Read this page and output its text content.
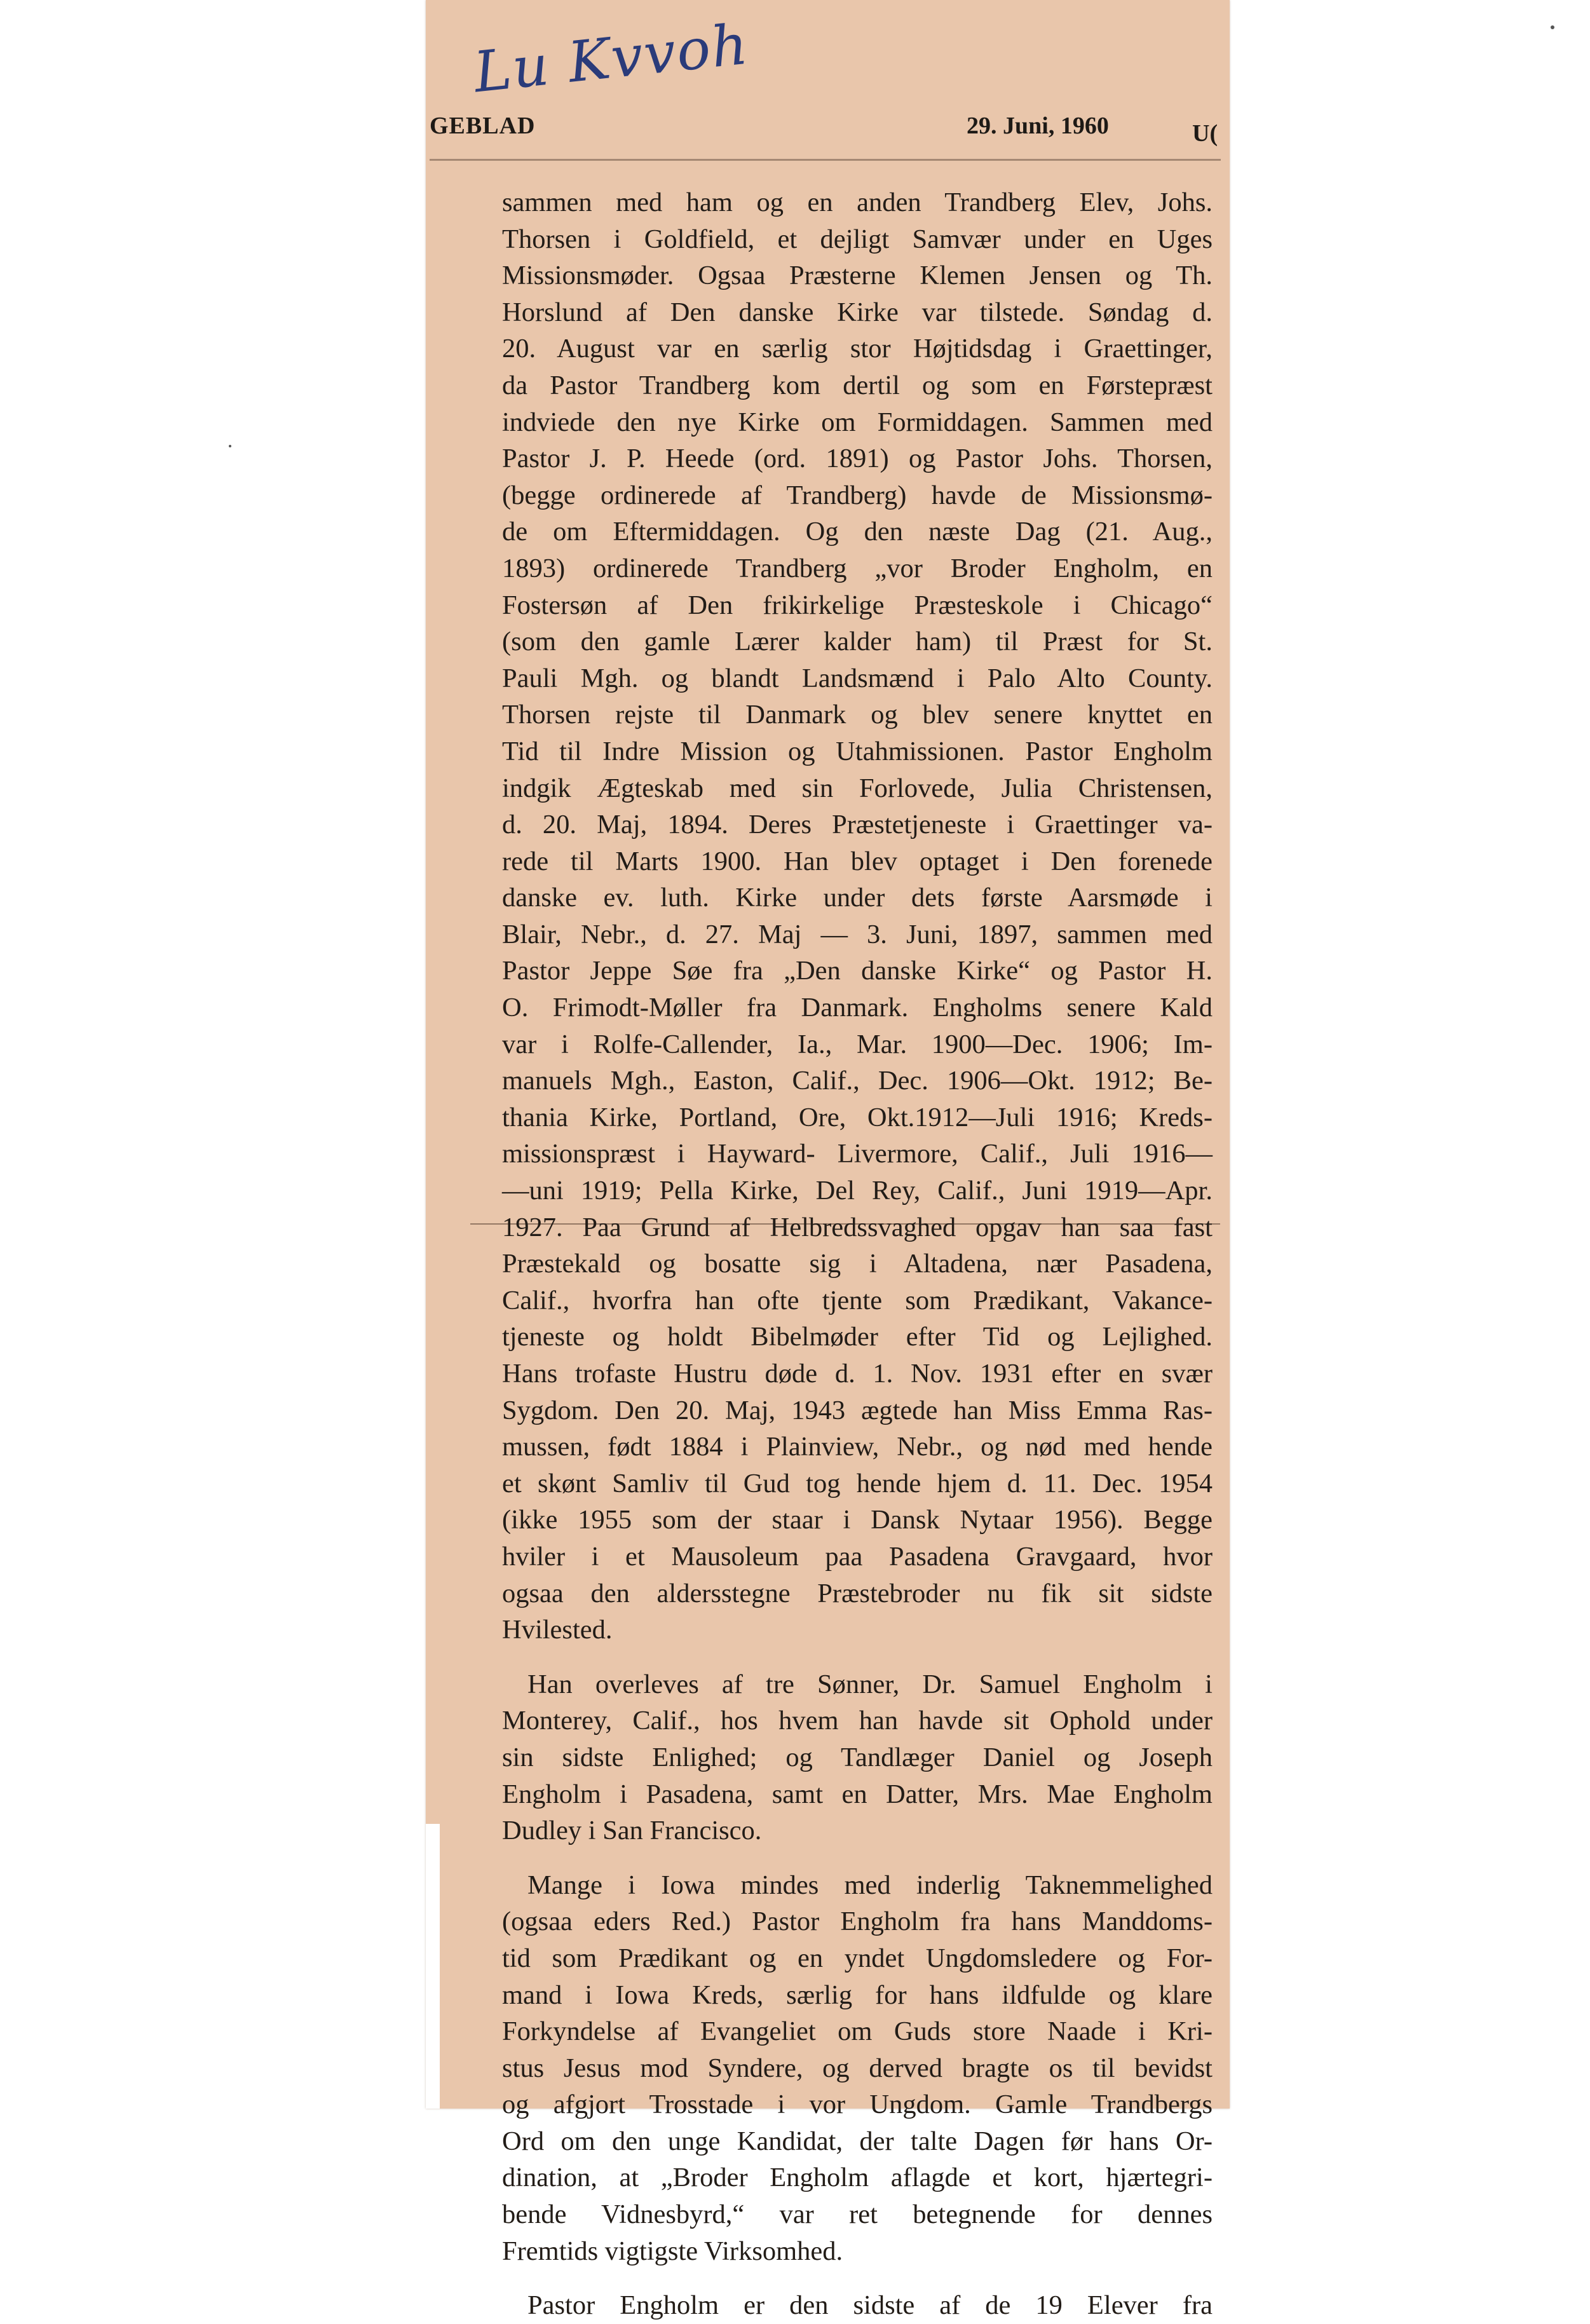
Lu Kvvoh
GEBLAD	29. Juni, 1960	U(
sammen med ham og en anden Trandberg Elev, Johs.
Thorsen i Goldfield, et dejligt Samvær under en Uges
Missionsmøder. Ogsaa Præsterne Klemen Jensen og Th.
Horslund af Den danske Kirke var tilstede. Søndag d.
20. August var en særlig stor Højtidsdag i Graettinger,
da Pastor Trandberg kom dertil og som en Førstepræst
indviede den nye Kirke om Formiddagen. Sammen med
Pastor J. P. Heede (ord. 1891) og Pastor Johs. Thorsen,
(begge ordinerede af Trandberg) havde de Missionsmø-
de om Eftermiddagen. Og den næste Dag (21. Aug.,
1893) ordinerede Trandberg „vor Broder Engholm, en
Fostersøn af Den frikirkelige Præsteskole i Chicago“
(som den gamle Lærer kalder ham) til Præst for St.
Pauli Mgh. og blandt Landsmænd i Palo Alto County.
Thorsen rejste til Danmark og blev senere knyttet en
Tid til Indre Mission og Utahmissionen. Pastor Engholm
indgik Ægteskab med sin Forlovede, Julia Christensen,
d. 20. Maj, 1894. Deres Præstetjeneste i Graettinger va-
rede til Marts 1900. Han blev optaget i Den forenede
danske ev. luth. Kirke under dets første Aarsmøde i
Blair, Nebr., d. 27. Maj — 3. Juni, 1897, sammen med
Pastor Jeppe Søe fra „Den danske Kirke“ og Pastor H.
O. Frimodt-Møller fra Danmark. Engholms senere Kald
var i Rolfe-Callender, Ia., Mar. 1900—Dec. 1906; Im-
manuels Mgh., Easton, Calif., Dec. 1906—Okt. 1912; Be-
thania Kirke, Portland, Ore, Okt.1912—Juli 1916; Kreds-
missionspræst i Hayward- Livermore, Calif., Juli 1916—
—uni 1919; Pella Kirke, Del Rey, Calif., Juni 1919—Apr.
1927. Paa Grund af Helbredssvaghed opgav han saa fast
Præstekald og bosatte sig i Altadena, nær Pasadena,
Calif., hvorfra han ofte tjente som Prædikant, Vakance-
tjeneste og holdt Bibelmøder efter Tid og Lejlighed.
Hans trofaste Hustru døde d. 1. Nov. 1931 efter en svær
Sygdom. Den 20. Maj, 1943 ægtede han Miss Emma Ras-
mussen, født 1884 i Plainview, Nebr., og nød med hende
et skønt Samliv til Gud tog hende hjem d. 11. Dec. 1954
(ikke 1955 som der staar i Dansk Nytaar 1956). Begge
hviler i et Mausoleum paa Pasadena Gravgaard, hvor
ogsaa den aldersstegne Præstebroder nu fik sit sidste
Hvilested.
Han overleves af tre Sønner, Dr. Samuel Engholm i
Monterey, Calif., hos hvem han havde sit Ophold under
sin sidste Enlighed; og Tandlæger Daniel og Joseph
Engholm i Pasadena, samt en Datter, Mrs. Mae Engholm
Dudley i San Francisco.
Mange i Iowa mindes med inderlig Taknemmelighed
(ogsaa eders Red.) Pastor Engholm fra hans Manddoms-
tid som Prædikant og en yndet Ungdomsledere og For-
mand i Iowa Kreds, særlig for hans ildfulde og klare
Forkyndelse af Evangeliet om Guds store Naade i Kri-
stus Jesus mod Syndere, og derved bragte os til bevidst
og afgjort Trosstade i vor Ungdom. Gamle Trandbergs
Ord om den unge Kandidat, der talte Dagen før hans Or-
dination, at „Broder Engholm aflagde et kort, hjærtegri-
bende Vidnesbyrd,“ var ret betegnende for dennes
Fremtids vigtigste Virksomhed.
Pastor Engholm er den sidste af de 19 Elever fra
